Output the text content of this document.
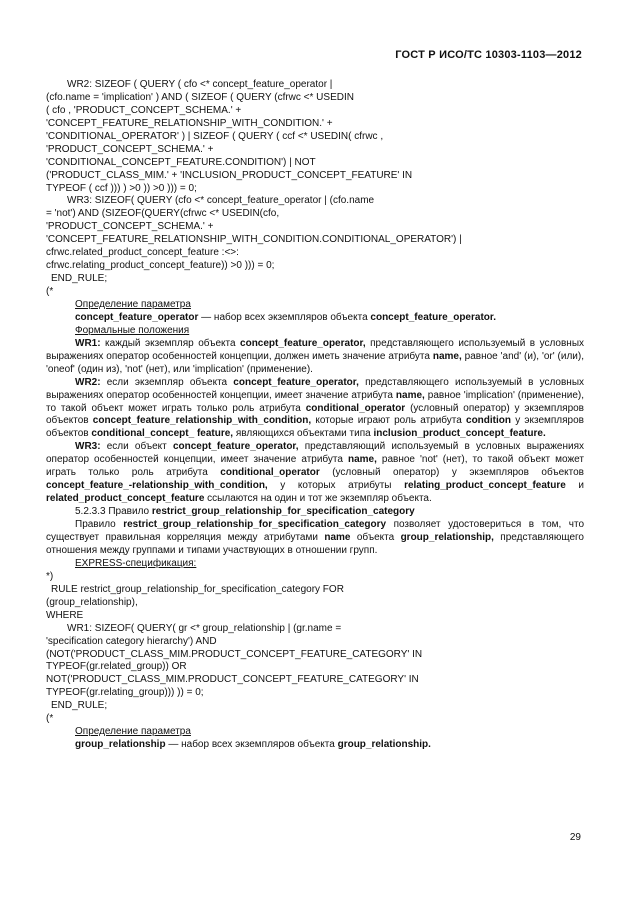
ГОСТ Р ИСО/ТС 10303-1103—2012
WR2: SIZEOF ( QUERY ( cfo <* concept_feature_operator |
(cfo.name = 'implication' ) AND ( SIZEOF ( QUERY (cfrwc <* USEDIN
( cfo , 'PRODUCT_CONCEPT_SCHEMA.' +
'CONCEPT_FEATURE_RELATIONSHIP_WITH_CONDITION.' +
'CONDITIONAL_OPERATOR' ) | SIZEOF ( QUERY ( ccf <* USEDIN( cfrwc ,
'PRODUCT_CONCEPT_SCHEMA.' +
'CONDITIONAL_CONCEPT_FEATURE.CONDITION') | NOT
('PRODUCT_CLASS_MIM.' + 'INCLUSION_PRODUCT_CONCEPT_FEATURE' IN
TYPEOF ( ccf ))) ) >0 )) >0 ))) = 0;
WR3: SIZEOF( QUERY (cfo <* concept_feature_operator | (cfo.name
= 'not') AND (SIZEOF(QUERY(cfrwc <* USEDIN(cfo,
'PRODUCT_CONCEPT_SCHEMA.' +
'CONCEPT_FEATURE_RELATIONSHIP_WITH_CONDITION.CONDITIONAL_OPERATOR') |
cfrwc.related_product_concept_feature :<>:
cfrwc.relating_product_concept_feature)) >0 ))) = 0;
END_RULE;
(*
Определение параметра
concept_feature_operator — набор всех экземпляров объекта concept_feature_operator.
Формальные положения
WR1: каждый экземпляр объекта concept_feature_operator, представляющего используемый в условных выражениях оператор особенностей концепции, должен иметь значение атрибута name, равное 'and' (и), 'or' (или), 'oneof' (один из), 'not' (нет), или 'implication' (применение).
WR2: если экземпляр объекта concept_feature_operator, представляющего используемый в условных выражениях оператор особенностей концепции, имеет значение атрибута name, равное 'implication' (применение), то такой объект может играть только роль атрибута conditional_operator (условный оператор) у экземпляров объектов concept_feature_relationship_with_condition, которые играют роль атрибута condition у экземпляров объектов conditional_concept_ feature, являющихся объектами типа inclusion_product_concept_feature.
WR3: если объект concept_feature_operator, представляющий используемый в условных выражениях оператор особенностей концепции, имеет значение атрибута name, равное 'not' (нет), то такой объект может играть только роль атрибута conditional_operator (условный оператор) у экземпляров объектов concept_feature_-relationship_with_condition, у которых атрибуты relating_product_concept_feature и related_product_concept_feature ссылаются на один и тот же экземпляр объекта.
5.2.3.3 Правило restrict_group_relationship_for_specification_category
Правило restrict_group_relationship_for_specification_category позволяет удостовериться в том, что существует правильная корреляция между атрибутами name объекта group_relationship, представляющего отношения между группами и типами участвующих в отношении групп.
EXPRESS-спецификация:
*)
RULE restrict_group_relationship_for_specification_category FOR
(group_relationship),
WHERE
WR1: SIZEOF( QUERY( gr <* group_relationship | (gr.name =
'specification category hierarchy') AND
(NOT('PRODUCT_CLASS_MIM.PRODUCT_CONCEPT_FEATURE_CATEGORY' IN
TYPEOF(gr.related_group)) OR
NOT('PRODUCT_CLASS_MIM.PRODUCT_CONCEPT_FEATURE_CATEGORY' IN
TYPEOF(gr.relating_group))) )) = 0;
END_RULE;
(*
Определение параметра
group_relationship — набор всех экземпляров объекта group_relationship.
29
